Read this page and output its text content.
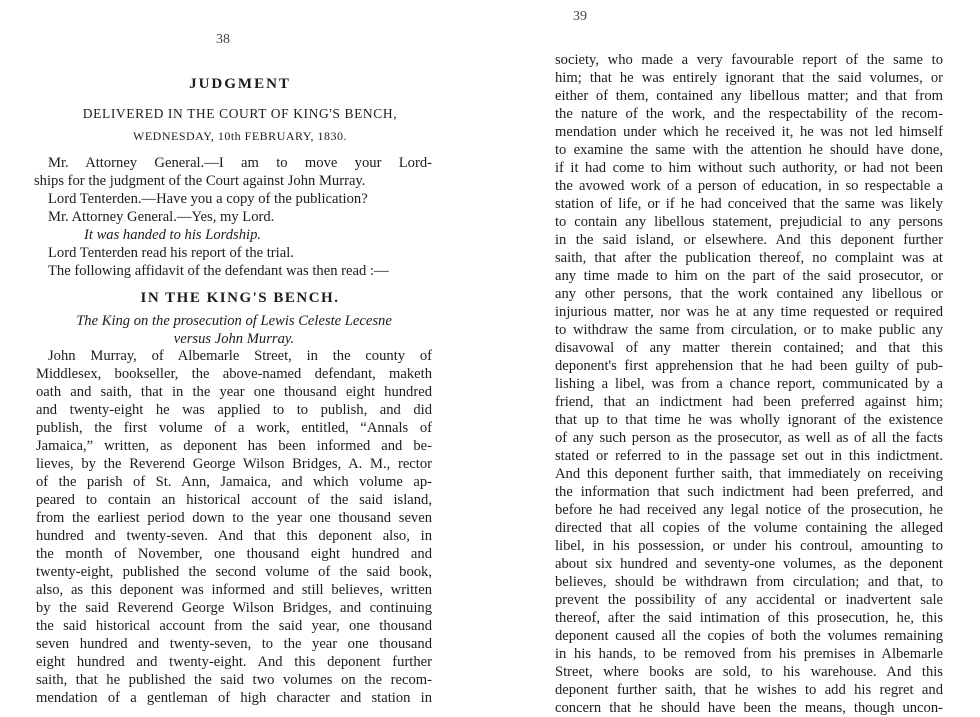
38
JUDGMENT
DELIVERED IN THE COURT OF KING'S BENCH,
WEDNESDAY, 10th FEBRUARY, 1830.
Mr. Attorney General.—I am to move your Lord-
ships for the judgment of the Court against John Murray.
Lord Tenterden.—Have you a copy of the publication?
Mr. Attorney General.—Yes, my Lord.
It was handed to his Lordship.
Lord Tenterden read his report of the trial.
The following affidavit of the defendant was then read :—
IN THE KING'S BENCH.
The King on the prosecution of Lewis Celeste Lecesne
versus John Murray.
John Murray, of Albemarle Street, in the county of
Middlesex, bookseller, the above-named defendant, maketh
oath and saith, that in the year one thousand eight hundred
and twenty-eight he was applied to to publish, and did
publish, the first volume of a work, entitled, “Annals of
Jamaica,” written, as deponent has been informed and be-
lieves, by the Reverend George Wilson Bridges, A. M., rector
of the parish of St. Ann, Jamaica, and which volume ap-
peared to contain an historical account of the said island,
from the earliest period down to the year one thousand seven
hundred and twenty-seven. And that this deponent also, in
the month of November, one thousand eight hundred and
twenty-eight, published the second volume of the said book,
also, as this deponent was informed and still believes, written
by the said Reverend George Wilson Bridges, and continuing
the said historical account from the said year, one thousand
seven hundred and twenty-seven, to the year one thousand
eight hundred and twenty-eight. And this deponent further
saith, that he published the said two volumes on the recom-
mendation of a gentleman of high character and station in
39
society, who made a very favourable report of the same to
him; that he was entirely ignorant that the said volumes, or
either of them, contained any libellous matter; and that from
the nature of the work, and the respectability of the recom-
mendation under which he received it, he was not led himself
to examine the same with the attention he should have done,
if it had come to him without such authority, or had not been
the avowed work of a person of education, in so respectable a
station of life, or if he had conceived that the same was likely
to contain any libellous statement, prejudicial to any persons
in the said island, or elsewhere. And this deponent further
saith, that after the publication thereof, no complaint was at
any time made to him on the part of the said prosecutor, or
any other persons, that the work contained any libellous or
injurious matter, nor was he at any time requested or required
to withdraw the same from circulation, or to make public any
disavowal of any matter therein contained; and that this
deponent's first apprehension that he had been guilty of pub-
lishing a libel, was from a chance report, communicated by a
friend, that an indictment had been preferred against him;
that up to that time he was wholly ignorant of the existence
of any such person as the prosecutor, as well as of all the facts
stated or referred to in the passage set out in this indictment.
And this deponent further saith, that immediately on receiving
the information that such indictment had been preferred, and
before he had received any legal notice of the prosecution, he
directed that all copies of the volume containing the alleged
libel, in his possession, or under his controul, amounting to
about six hundred and seventy-one volumes, as the deponent
believes, should be withdrawn from circulation; and that, to
prevent the possibility of any accidental or inadvertent sale
thereof, after the said intimation of this prosecution, he, this
deponent caused all the copies of both the volumes remaining
in his hands, to be removed from his premises in Albemarle
Street, where books are sold, to his warehouse. And this
deponent further saith, that he wishes to add his regret and
concern that he should have been the means, though uncon-
